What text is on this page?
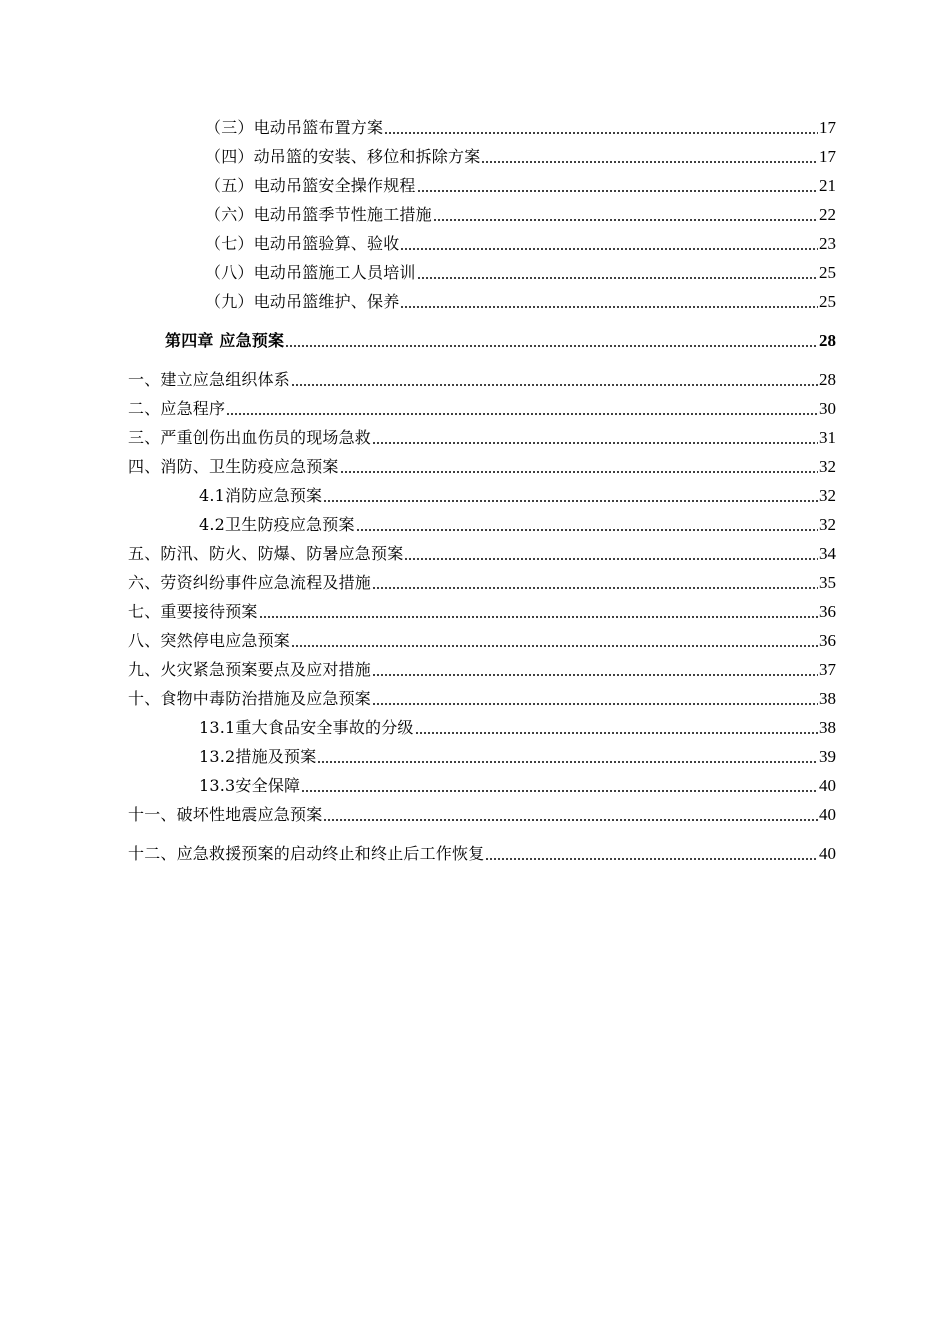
（三）电动吊篮布置方案	17
（四）动吊篮的安装、移位和拆除方案	17
（五）电动吊篮安全操作规程	21
（六）电动吊篮季节性施工措施	22
（七）电动吊篮验算、验收	23
（八）电动吊篮施工人员培训	25
（九）电动吊篮维护、保养	25
第四章 应急预案	28
一、建立应急组织体系	28
二、应急程序	30
三、严重创伤出血伤员的现场急救	31
四、消防、卫生防疫应急预案	32
4.1消防应急预案	32
4.2卫生防疫应急预案	32
五、防汛、防火、防爆、防暑应急预案	34
六、劳资纠纷事件应急流程及措施	35
七、重要接待预案	36
八、突然停电应急预案	36
九、火灾紧急预案要点及应对措施	37
十、食物中毒防治措施及应急预案	38
13.1重大食品安全事故的分级	38
13.2措施及预案	39
13.3安全保障	40
十一、破坏性地震应急预案	40
十二、应急救援预案的启动终止和终止后工作恢复	40
